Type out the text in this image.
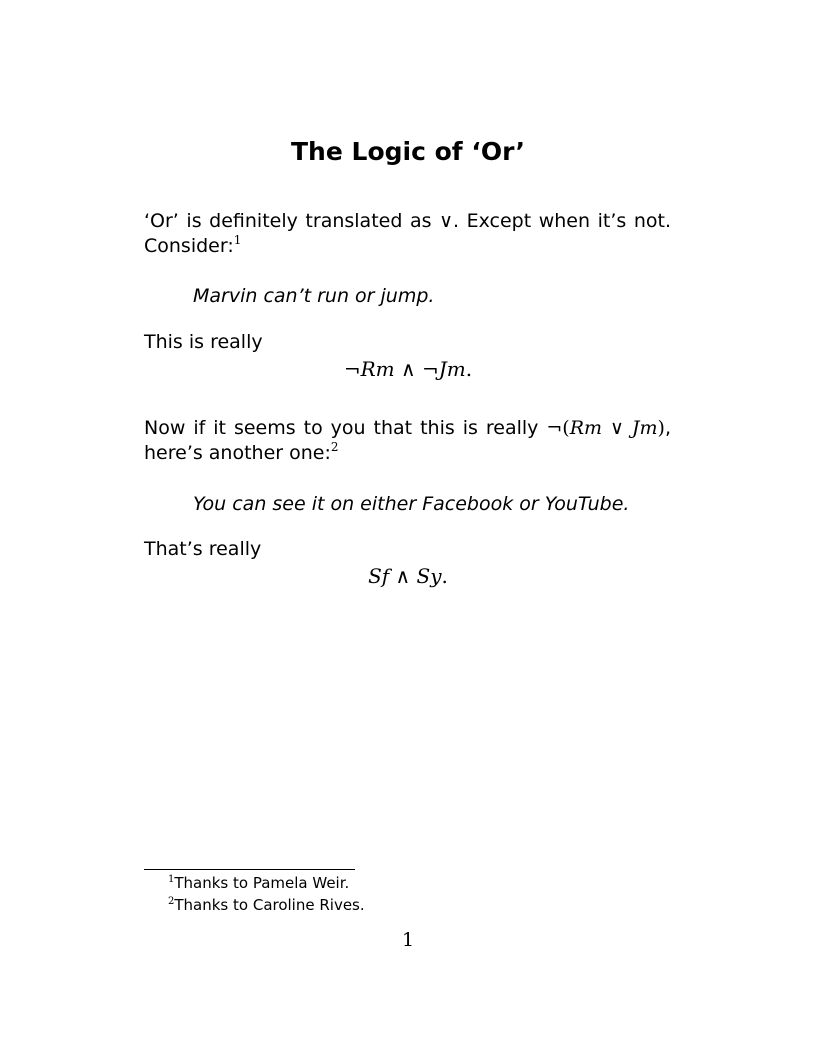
The Logic of ‘Or’

‘Or’ is definitely translated as ∨. Except when it’s not. Consider:$^1$

Marvin can’t run or jump.

This is really

¬Rm ∧ ¬Jm.

Now if it seems to you that this is really ¬(Rm ∨ Jm), here’s another one:$^2$

You can see it on either Facebook or YouTube.

That’s really

Sf ∧ Sy.

$^1$Thanks to Pamela Weir.

$^2$Thanks to Caroline Rives.

1
